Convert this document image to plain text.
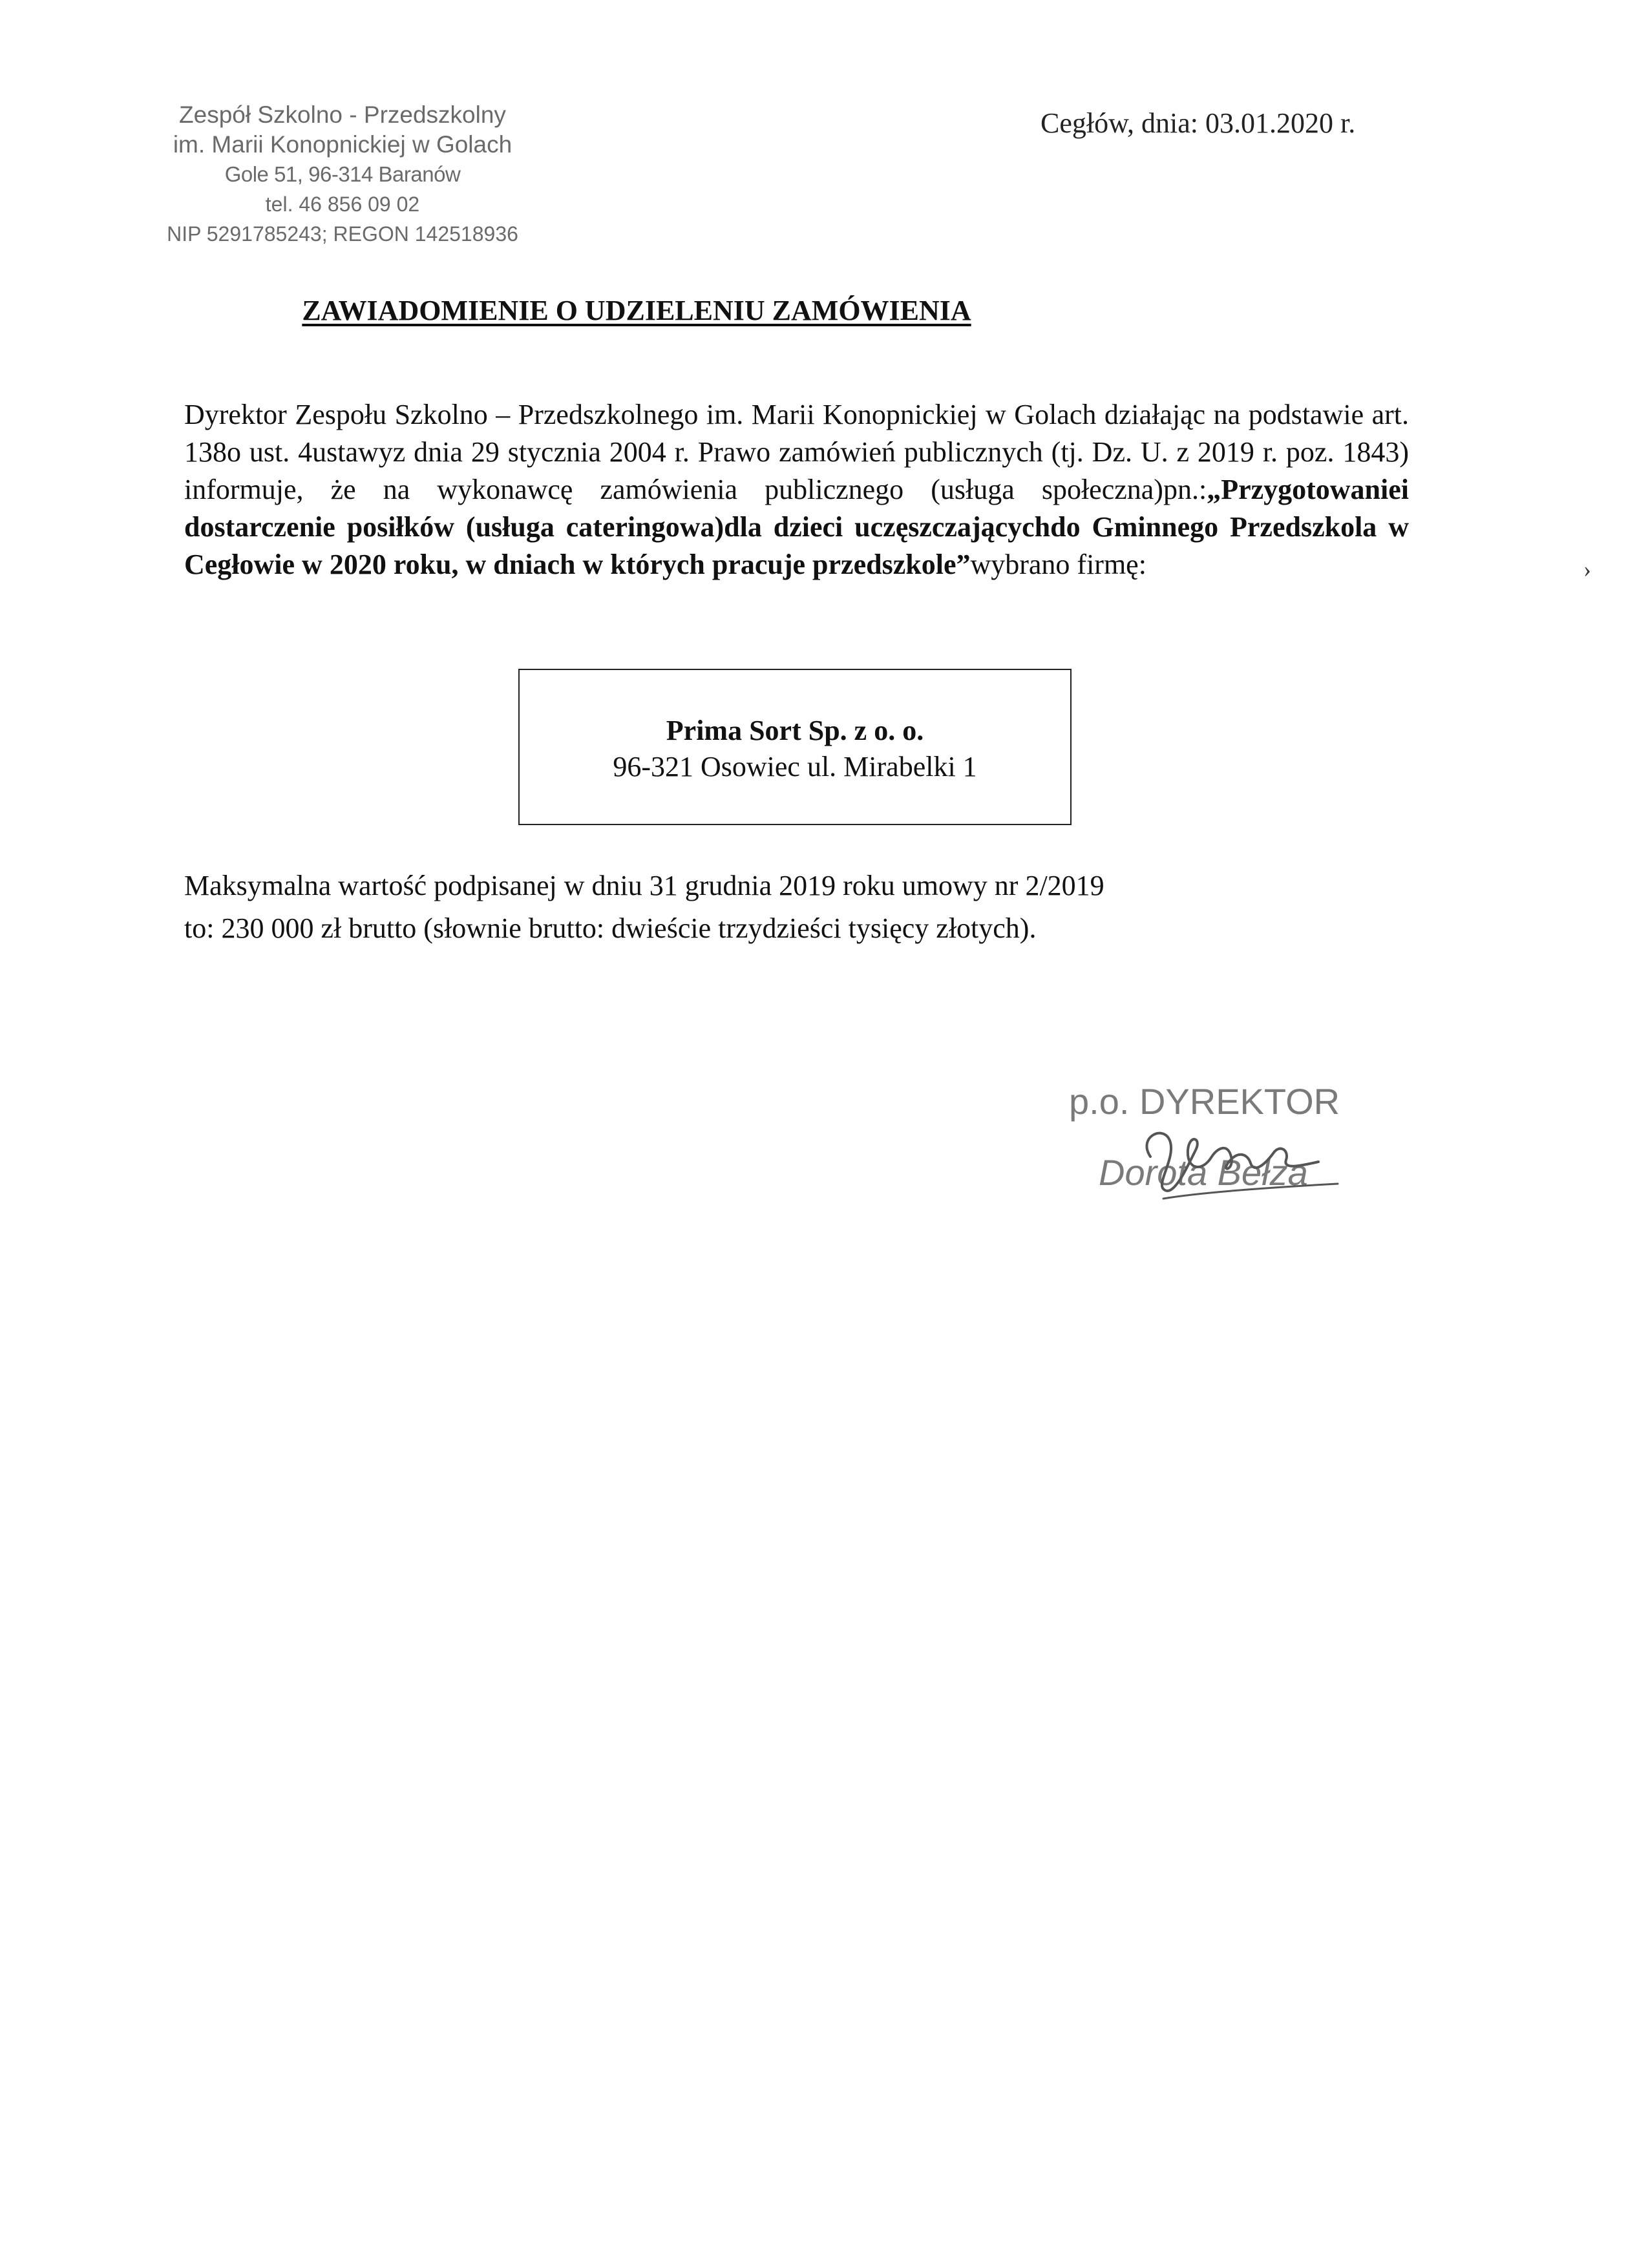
Zespół Szkolno - Przedszkolny
im. Marii Konopnickiej w Golach
Gole 51, 96-314 Baranów
tel. 46 856 09 02
NIP 5291785243; REGON 142518936
Cegłów, dnia: 03.01.2020 r.
ZAWIADOMIENIE O UDZIELENIU ZAMÓWIENIA
Dyrektor Zespołu Szkolno – Przedszkolnego im. Marii Konopnickiej w Golach działając na podstawie art. 138o ust. 4ustawyz dnia 29 stycznia 2004 r. Prawo zamówień publicznych (tj. Dz. U. z 2019 r. poz. 1843) informuje, że na wykonawcę zamówienia publicznego (usługa społeczna)pn.:„Przygotowaniei dostarczenie posiłków (usługa cateringowa)dla dzieci uczęszczającychdo Gminnego Przedszkola w Cegłowie w 2020 roku, w dniach w których pracuje przedszkole”wybrano firmę:
Prima Sort Sp. z o. o.
96-321 Osowiec ul. Mirabelki 1
Maksymalna wartość podpisanej w dniu 31 grudnia 2019 roku umowy nr 2/2019
to: 230 000 zł brutto (słownie brutto: dwieście trzydzieści tysięcy złotych).
p.o. DYREKTOR
Dorota Bełza
›
